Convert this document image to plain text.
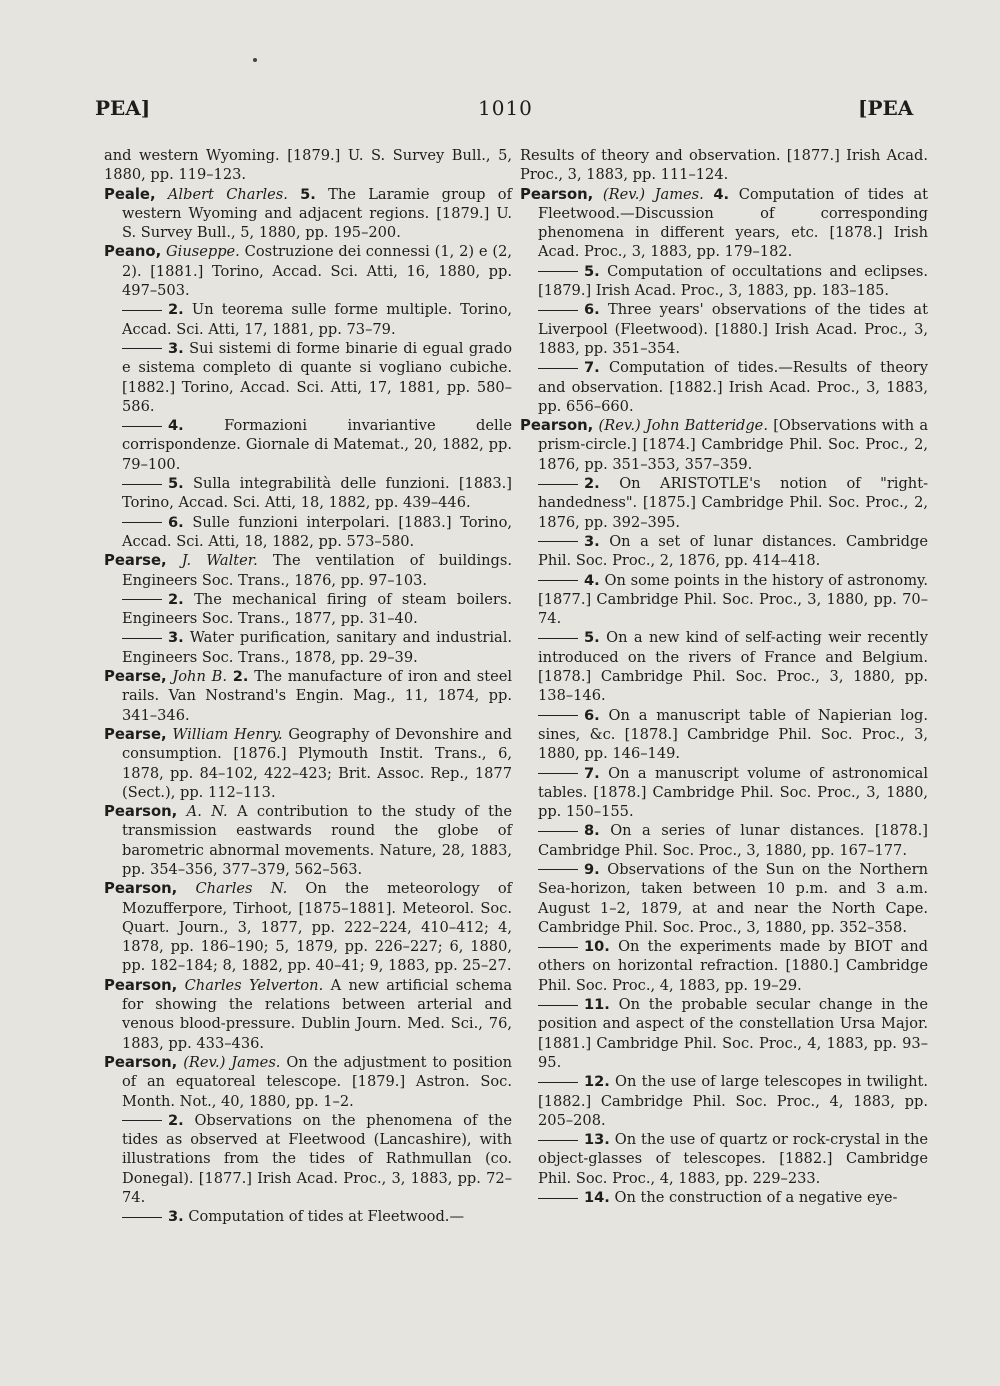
PEA]	1010	[PEA

and western Wyoming. [1879.] U. S. Survey Bull., 5, 1880, pp. 119–123.

Peale, Albert Charles. 5. The Laramie group of western Wyoming and adjacent regions. [1879.] U. S. Survey Bull., 5, 1880, pp. 195–200.

Peano, Giuseppe. Costruzione dei connessi (1, 2) e (2, 2). [1881.] Torino, Accad. Sci. Atti, 16, 1880, pp. 497–503.

2. Un teorema sulle forme multiple. Torino, Accad. Sci. Atti, 17, 1881, pp. 73–79.

3. Sui sistemi di forme binarie di egual grado e sistema completo di quante si vogliano cubiche. [1882.] Torino, Accad. Sci. Atti, 17, 1881, pp. 580–586.

4.	Formazioni invariantive delle corrispondenze. Giornale di Matemat., 20, 1882, pp. 79–100.

5. Sulla integrabilità delle funzioni. [1883.] Torino, Accad. Sci. Atti, 18, 1882, pp. 439–446.

6. Sulle funzioni interpolari. [1883.] Torino, Accad. Sci. Atti, 18, 1882, pp. 573–580.

Pearse, J. Walter. The ventilation of buildings. Engineers Soc. Trans., 1876, pp. 97–103.

2. The mechanical firing of steam boilers. Engineers Soc. Trans., 1877, pp. 31–40.

3. Water purification, sanitary and industrial. Engineers Soc. Trans., 1878, pp. 29–39.

Pearse, John B. 2. The manufacture of iron and steel rails. Van Nostrand's Engin. Mag., 11, 1874, pp. 341–346.

Pearse, William Henry. Geography of Devonshire and consumption. [1876.] Plymouth Instit. Trans., 6, 1878, pp. 84–102, 422–423; Brit. Assoc. Rep., 1877 (Sect.), pp. 112–113.

Pearson, A. N. A contribution to the study of the transmission eastwards round the globe of barometric abnormal movements. Nature, 28, 1883, pp. 354–356, 377–379, 562–563.

Pearson, Charles N. On the meteorology of Mozufferpore, Tirhoot, [1875–1881]. Meteorol. Soc. Quart. Journ., 3, 1877, pp. 222–224, 410–412; 4, 1878, pp. 186–190; 5, 1879, pp. 226–227; 6, 1880, pp. 182–184; 8, 1882, pp. 40–41; 9, 1883, pp. 25–27.

Pearson, Charles Yelverton. A new artificial schema for showing the relations between arterial and venous blood-pressure. Dublin Journ. Med. Sci., 76, 1883, pp. 433–436.

Pearson, (Rev.) James. On the adjustment to position of an equatoreal telescope. [1879.] Astron. Soc. Month. Not., 40, 1880, pp. 1–2.

2. Observations on the phenomena of the tides as observed at Fleetwood (Lancashire), with illustrations from the tides of Rathmullan (co. Donegal). [1877.] Irish Acad. Proc., 3, 1883, pp. 72–74.

3. Computation of tides at Fleetwood.—

Results of theory and observation. [1877.] Irish Acad. Proc., 3, 1883, pp. 111–124.

Pearson, (Rev.) James. 4. Computation of tides at Fleetwood.—Discussion of corresponding phenomena in different years, etc. [1878.] Irish Acad. Proc., 3, 1883, pp. 179–182.

5. Computation of occultations and eclipses. [1879.] Irish Acad. Proc., 3, 1883, pp. 183–185.

6. Three years' observations of the tides at Liverpool (Fleetwood). [1880.] Irish Acad. Proc., 3, 1883, pp. 351–354.

7. Computation of tides.—Results of theory and observation. [1882.] Irish Acad. Proc., 3, 1883, pp. 656–660.

Pearson, (Rev.) John Batteridge. [Observations with a prism-circle.] [1874.] Cambridge Phil. Soc. Proc., 2, 1876, pp. 351–353, 357–359.

2. On ARISTOTLE's notion of "right-handedness". [1875.] Cambridge Phil. Soc. Proc., 2, 1876, pp. 392–395.

3. On a set of lunar distances. Cambridge Phil. Soc. Proc., 2, 1876, pp. 414–418.

4. On some points in the history of astronomy. [1877.] Cambridge Phil. Soc. Proc., 3, 1880, pp. 70–74.

5. On a new kind of self-acting weir recently introduced on the rivers of France and Belgium. [1878.] Cambridge Phil. Soc. Proc., 3, 1880, pp. 138–146.

6. On a manuscript table of Napierian log. sines, &c. [1878.] Cambridge Phil. Soc. Proc., 3, 1880, pp. 146–149.

7. On a manuscript volume of astronomical tables. [1878.] Cambridge Phil. Soc. Proc., 3, 1880, pp. 150–155.

8. On a series of lunar distances. [1878.] Cambridge Phil. Soc. Proc., 3, 1880, pp. 167–177.

9. Observations of the Sun on the Northern Sea-horizon, taken between 10 p.m. and 3 a.m. August 1–2, 1879, at and near the North Cape. Cambridge Phil. Soc. Proc., 3, 1880, pp. 352–358.

10. On the experiments made by BIOT and others on horizontal refraction. [1880.] Cambridge Phil. Soc. Proc., 4, 1883, pp. 19–29.

11. On the probable secular change in the position and aspect of the constellation Ursa Major. [1881.] Cambridge Phil. Soc. Proc., 4, 1883, pp. 93–95.

12. On the use of large telescopes in twilight. [1882.] Cambridge Phil. Soc. Proc., 4, 1883, pp. 205–208.

13. On the use of quartz or rock-crystal in the object-glasses of telescopes. [1882.] Cambridge Phil. Soc. Proc., 4, 1883, pp. 229–233.

14. On the construction of a negative eye-
